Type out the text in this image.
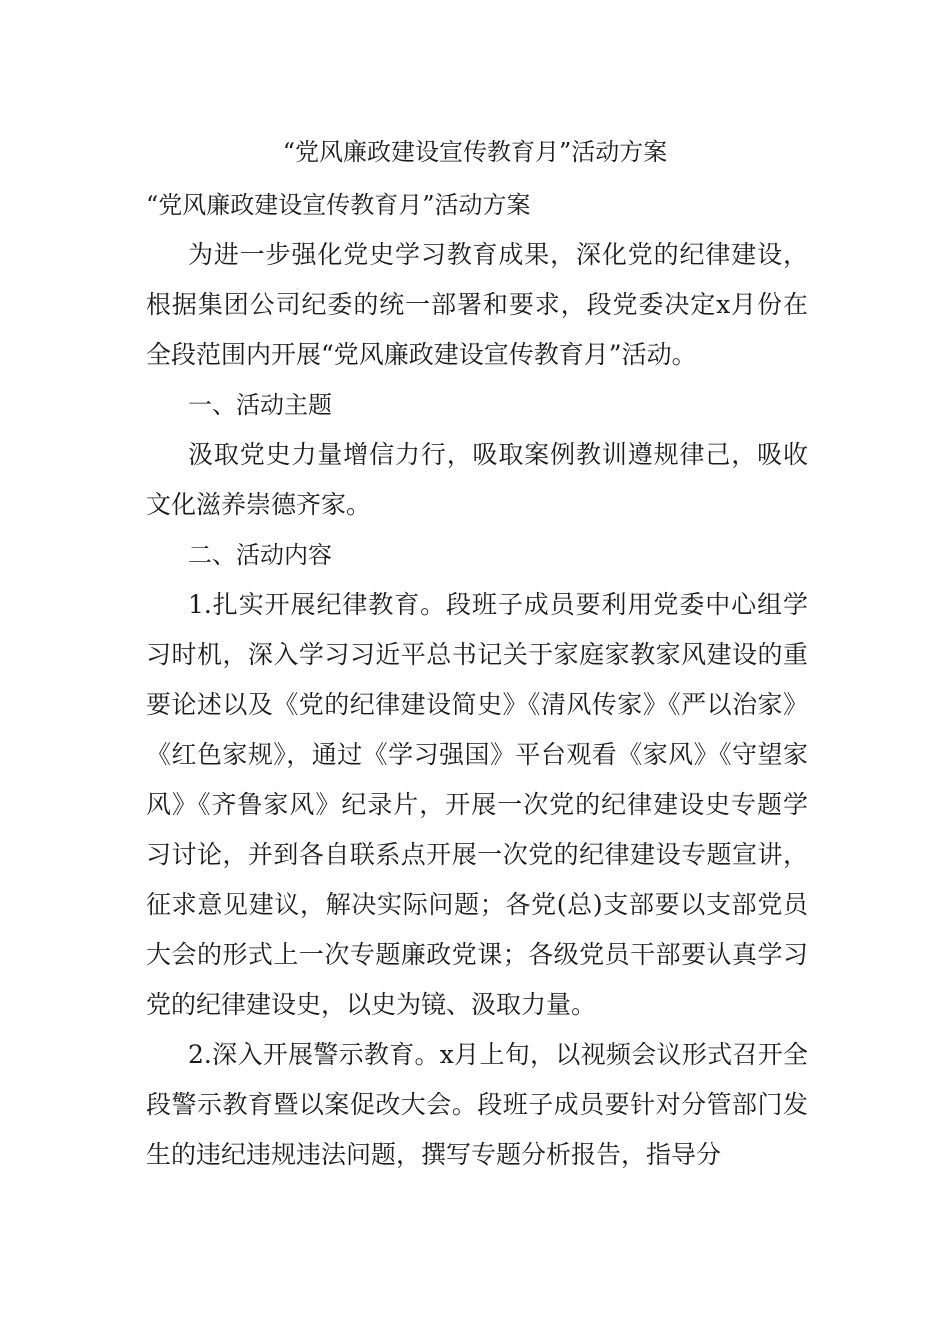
“党风廉政建设宣传教育月”活动方案

“党风廉政建设宣传教育月”活动方案

为进一步强化党史学习教育成果，深化党的纪律建设，根据集团公司纪委的统一部署和要求，段党委决定x月份在全段范围内开展“党风廉政建设宣传教育月”活动。

一、活动主题

汲取党史力量增信力行，吸取案例教训遵规律己，吸收文化滋养崇德齐家。

二、活动内容

1.扎实开展纪律教育。段班子成员要利用党委中心组学习时机，深入学习习近平总书记关于家庭家教家风建设的重要论述以及《党的纪律建设简史》《清风传家》《严以治家》《红色家规》，通过《学习强国》平台观看《家风》《守望家风》《齐鲁家风》纪录片，开展一次党的纪律建设史专题学习讨论，并到各自联系点开展一次党的纪律建设专题宣讲，征求意见建议，解决实际问题；各党(总)支部要以支部党员大会的形式上一次专题廉政党课；各级党员干部要认真学习党的纪律建设史，以史为镜、汲取力量。

2.深入开展警示教育。x月上旬，以视频会议形式召开全段警示教育暨以案促改大会。段班子成员要针对分管部门发生的违纪违规违法问题，撰写专题分析报告，指导分
